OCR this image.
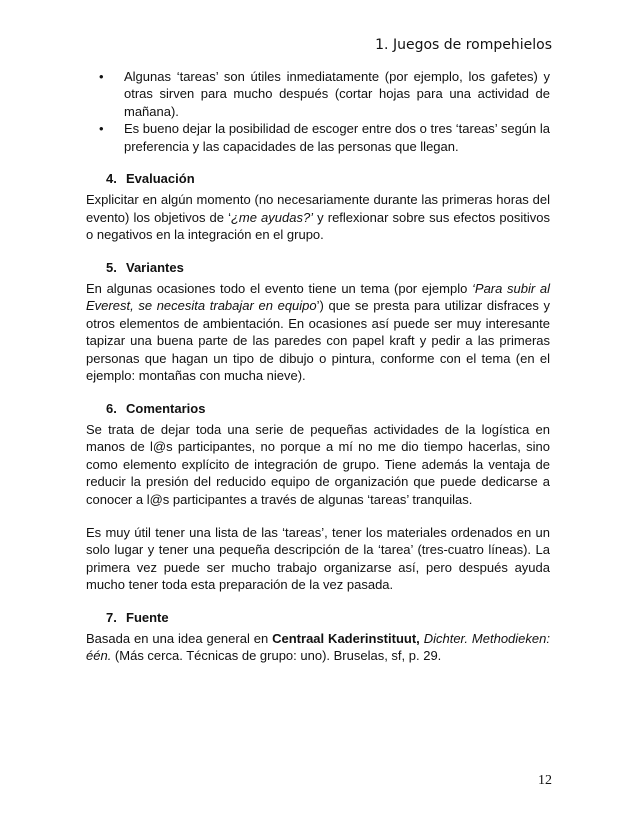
1. Juegos de rompehielos
• Algunas ‘tareas’ son útiles inmediatamente (por ejemplo, los gafetes) y otras sirven para mucho después (cortar hojas para una actividad de mañana).
• Es bueno dejar la posibilidad de escoger entre dos o tres ‘tareas’ según la preferencia y las capacidades de las personas que llegan.
4. Evaluación

Explicitar en algún momento (no necesariamente durante las primeras horas del evento) los objetivos de ‘¿me ayudas?’ y reflexionar sobre sus efectos positivos o negativos en la integración en el grupo.

5. Variantes

En algunas ocasiones todo el evento tiene un tema (por ejemplo ‘Para subir al Everest, se necesita trabajar en equipo’) que se presta para utilizar disfraces y otros elementos de ambientación. En ocasiones así puede ser muy interesante tapizar una buena parte de las paredes con papel kraft y pedir a las primeras personas que hagan un tipo de dibujo o pintura, conforme con el tema (en el ejemplo: montañas con mucha nieve).

6. Comentarios

Se trata de dejar toda una serie de pequeñas actividades de la logística en manos de l@s participantes, no porque a mí no me dio tiempo hacerlas, sino como elemento explícito de integración de grupo. Tiene además la ventaja de reducir la presión del reducido equipo de organización que puede dedicarse a conocer a l@s participantes a través de algunas ‘tareas’ tranquilas.

Es muy útil tener una lista de las ‘tareas’, tener los materiales ordenados en un solo lugar y tener una pequeña descripción de la ‘tarea’ (tres-cuatro líneas). La primera vez puede ser mucho trabajo organizarse así, pero después ayuda mucho tener toda esta preparación de la vez pasada.

7. Fuente

Basada en una idea general en Centraal Kaderinstituut, Dichter. Methodieken: één. (Más cerca. Técnicas de grupo: uno). Bruselas, sf, p. 29.

12
